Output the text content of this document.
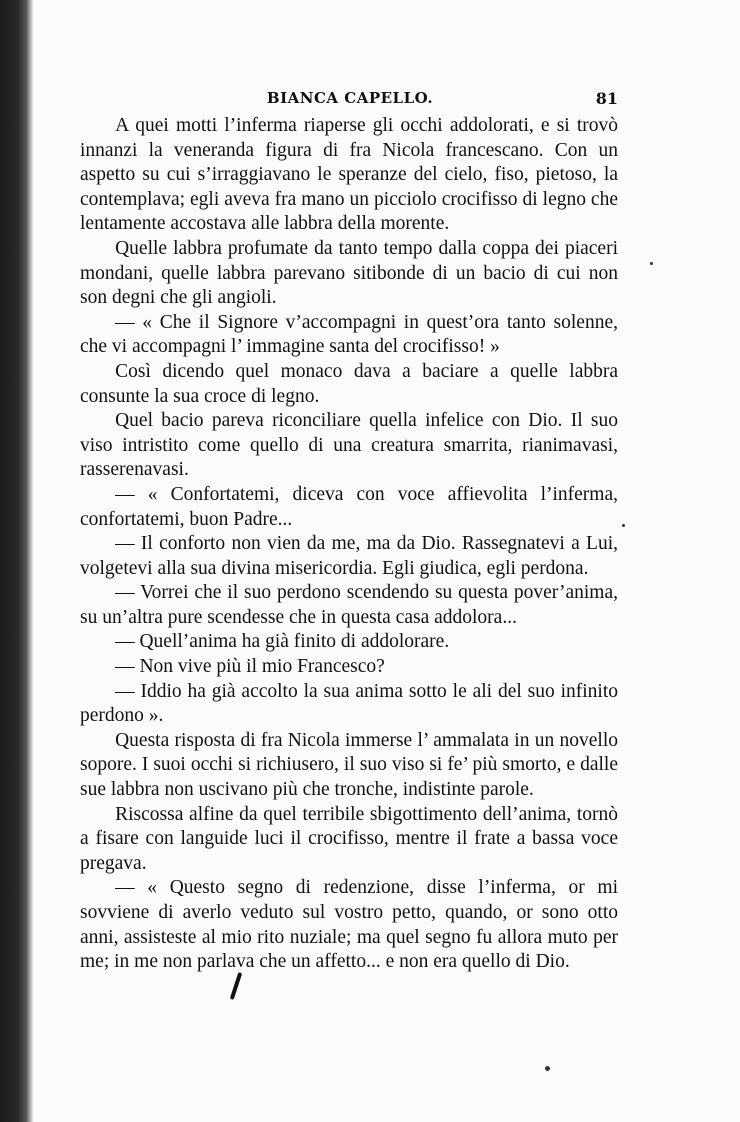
BIANCA CAPELLO.	81

A quei motti l’inferma riaperse gli occhi addolorati, e si trovò innanzi la veneranda figura di fra Nicola francescano. Con un aspetto su cui s’irraggiavano le speranze del cielo, fiso, pietoso, la contemplava; egli aveva fra mano un picciolo crocifisso di legno che lentamente accostava alle labbra della morente.

Quelle labbra profumate da tanto tempo dalla coppa dei piaceri mondani, quelle labbra parevano sitibonde di un bacio di cui non son degni che gli angioli.

— « Che il Signore v’accompagni in quest’ora tanto solenne, che vi accompagni l’ immagine santa del crocifisso! »

Così dicendo quel monaco dava a baciare a quelle labbra consunte la sua croce di legno.

Quel bacio pareva riconciliare quella infelice con Dio. Il suo viso intristito come quello di una creatura smarrita, rianimavasi, rasserenavasi.

— « Confortatemi, diceva con voce affievolita l’inferma, confortatemi, buon Padre...

— Il conforto non vien da me, ma da Dio. Rassegnatevi a Lui, volgetevi alla sua divina misericordia. Egli giudica, egli perdona.

— Vorrei che il suo perdono scendendo su questa pover’anima, su un’altra pure scendesse che in questa casa addolora...

— Quell’anima ha già finito di addolorare.

— Non vive più il mio Francesco?

— Iddio ha già accolto la sua anima sotto le ali del suo infinito perdono ».

Questa risposta di fra Nicola immerse l’ ammalata in un novello sopore. I suoi occhi si richiusero, il suo viso si fe’ più smorto, e dalle sue labbra non uscivano più che tronche, indistinte parole.

Riscossa alfine da quel terribile sbigottimento dell’anima, tornò a fisare con languide luci il crocifisso, mentre il frate a bassa voce pregava.

— « Questo segno di redenzione, disse l’inferma, or mi sovviene di averlo veduto sul vostro petto, quando, or sono otto anni, assisteste al mio rito nuziale; ma quel segno fu allora muto per me; in me non parlava che un affetto... e non era quello di Dio.
